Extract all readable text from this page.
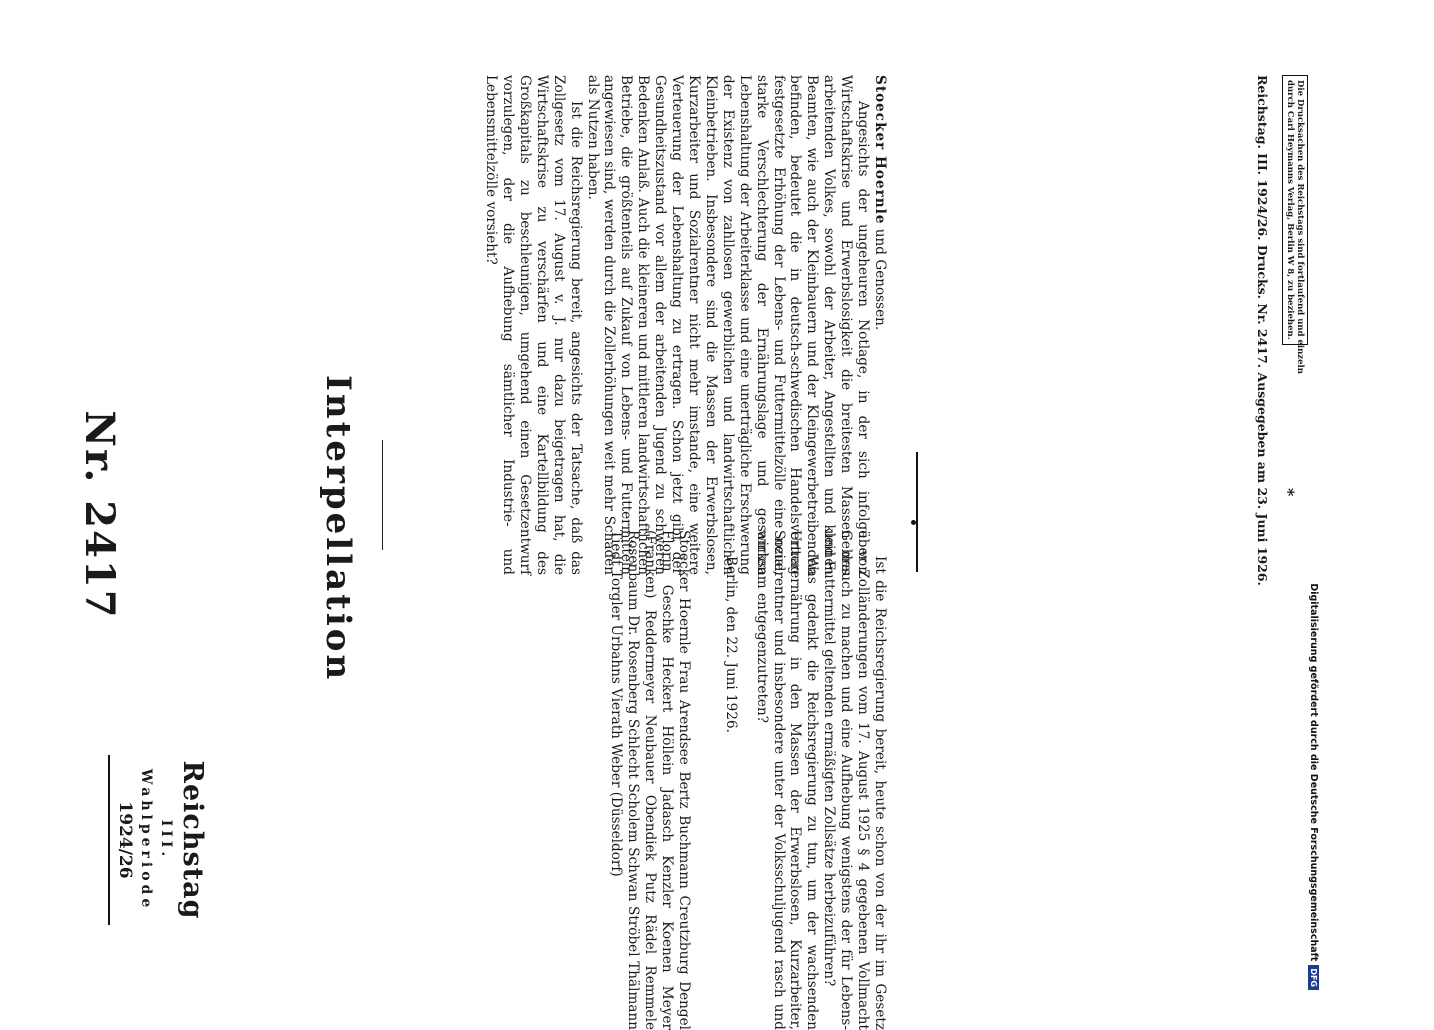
Reichstag
III. Wahlperiode
1924/26
Nr. 2417	Interpellation

Stoecker Hoernle und Genossen.

Angesichts der ungeheuren Notlage, in der sich infolge von Wirtschaftskrise und Erwerbslosigkeit die breitesten Massen des arbeitenden Volkes, sowohl der Arbeiter, Angestellten und kleinen Beamten, wie auch der Kleinbauern und der Kleingewerbetreibenden befinden, bedeutet die in deutsch-schwedischen Handelsvertrag festgesetzte Erhöhung der Lebens- und Futtermittelzölle eine neue, starke Verschlechterung der Ernährungslage und gesamten Lebenshaltung der Arbeiterklasse und eine unerträgliche Erschwerung der Existenz von zahllosen gewerblichen und landwirtschaftlichen Kleinbetrieben. Insbesondere sind die Massen der Erwerbslosen, Kurzarbeiter und Sozialrentner nicht mehr imstande, eine weitere Verteuerung der Lebenshaltung zu ertragen. Schon jetzt gibt der Gesundheitszustand vor allem der arbeitenden Jugend zu schweren Bedenken Anlaß. Auch die kleineren und mittleren landwirtschaftlichen Betriebe, die größtenteils auf Zukauf von Lebens- und Futtermitteln angewiesen sind, werden durch die Zollerhöhungen weit mehr Schaden als Nutzen haben.

Ist die Reichsregierung bereit, angesichts der Tatsache, daß das Zollgesetz vom 17. August v. J. nur dazu beigetragen hat, die Wirtschaftskrise zu verschärfen und eine Kartellbildung des Großkapitals zu beschleunigen, umgehend einen Gesetzentwurf vorzulegen, der die Aufhebung sämtlicher Industrie- und Lebensmittelzölle vorsieht?

Ist die Reichsregierung bereit, heute schon von der ihr im Gesetz über Zolländerungen vom 17. August 1925 § 4 gegebenen Vollmacht Gebrauch zu machen und eine Aufhebung wenigstens der für Lebens- und Futtermittel geltenden ermäßigten Zollsätze herbeizuführen?

Was gedenkt die Reichsregierung zu tun, um der wachsenden Unterernährung in den Massen der Erwerbslosen, Kurzarbeiter, Sozialrentner und insbesondere unter der Volksschuljugend rasch und wirksam entgegenzutreten?

Berlin, den 22. Juni 1926.

Stoecker Hoernle Frau Arendsee Bertz Buchmann Creutzburg Dengel Florin Geschke Heckert Höllein Jadasch Kenzler Koenen Meyer (Franken) Reddermeyer Neubauer Obendiek Putz Rädel Remmele Rosenbaum Dr. Rosenberg Schlecht Scholem Schwan Ströbel Thälmann Tiedt Torgler Urbahns Vierath Weber (Düsseldorf)

Die Drucksachen des Reichstags sind fortlaufend und einzeln
durch Carl Heymanns Verlag, Berlin W 8, zu beziehen.
Reichstag. III. 1924/26. Drucks. Nr. 2417. Ausgegeben am 23. Juni 1926. *
Digitalisierung gefördert durch die Deutsche Forschungsgemeinschaft
DFG
